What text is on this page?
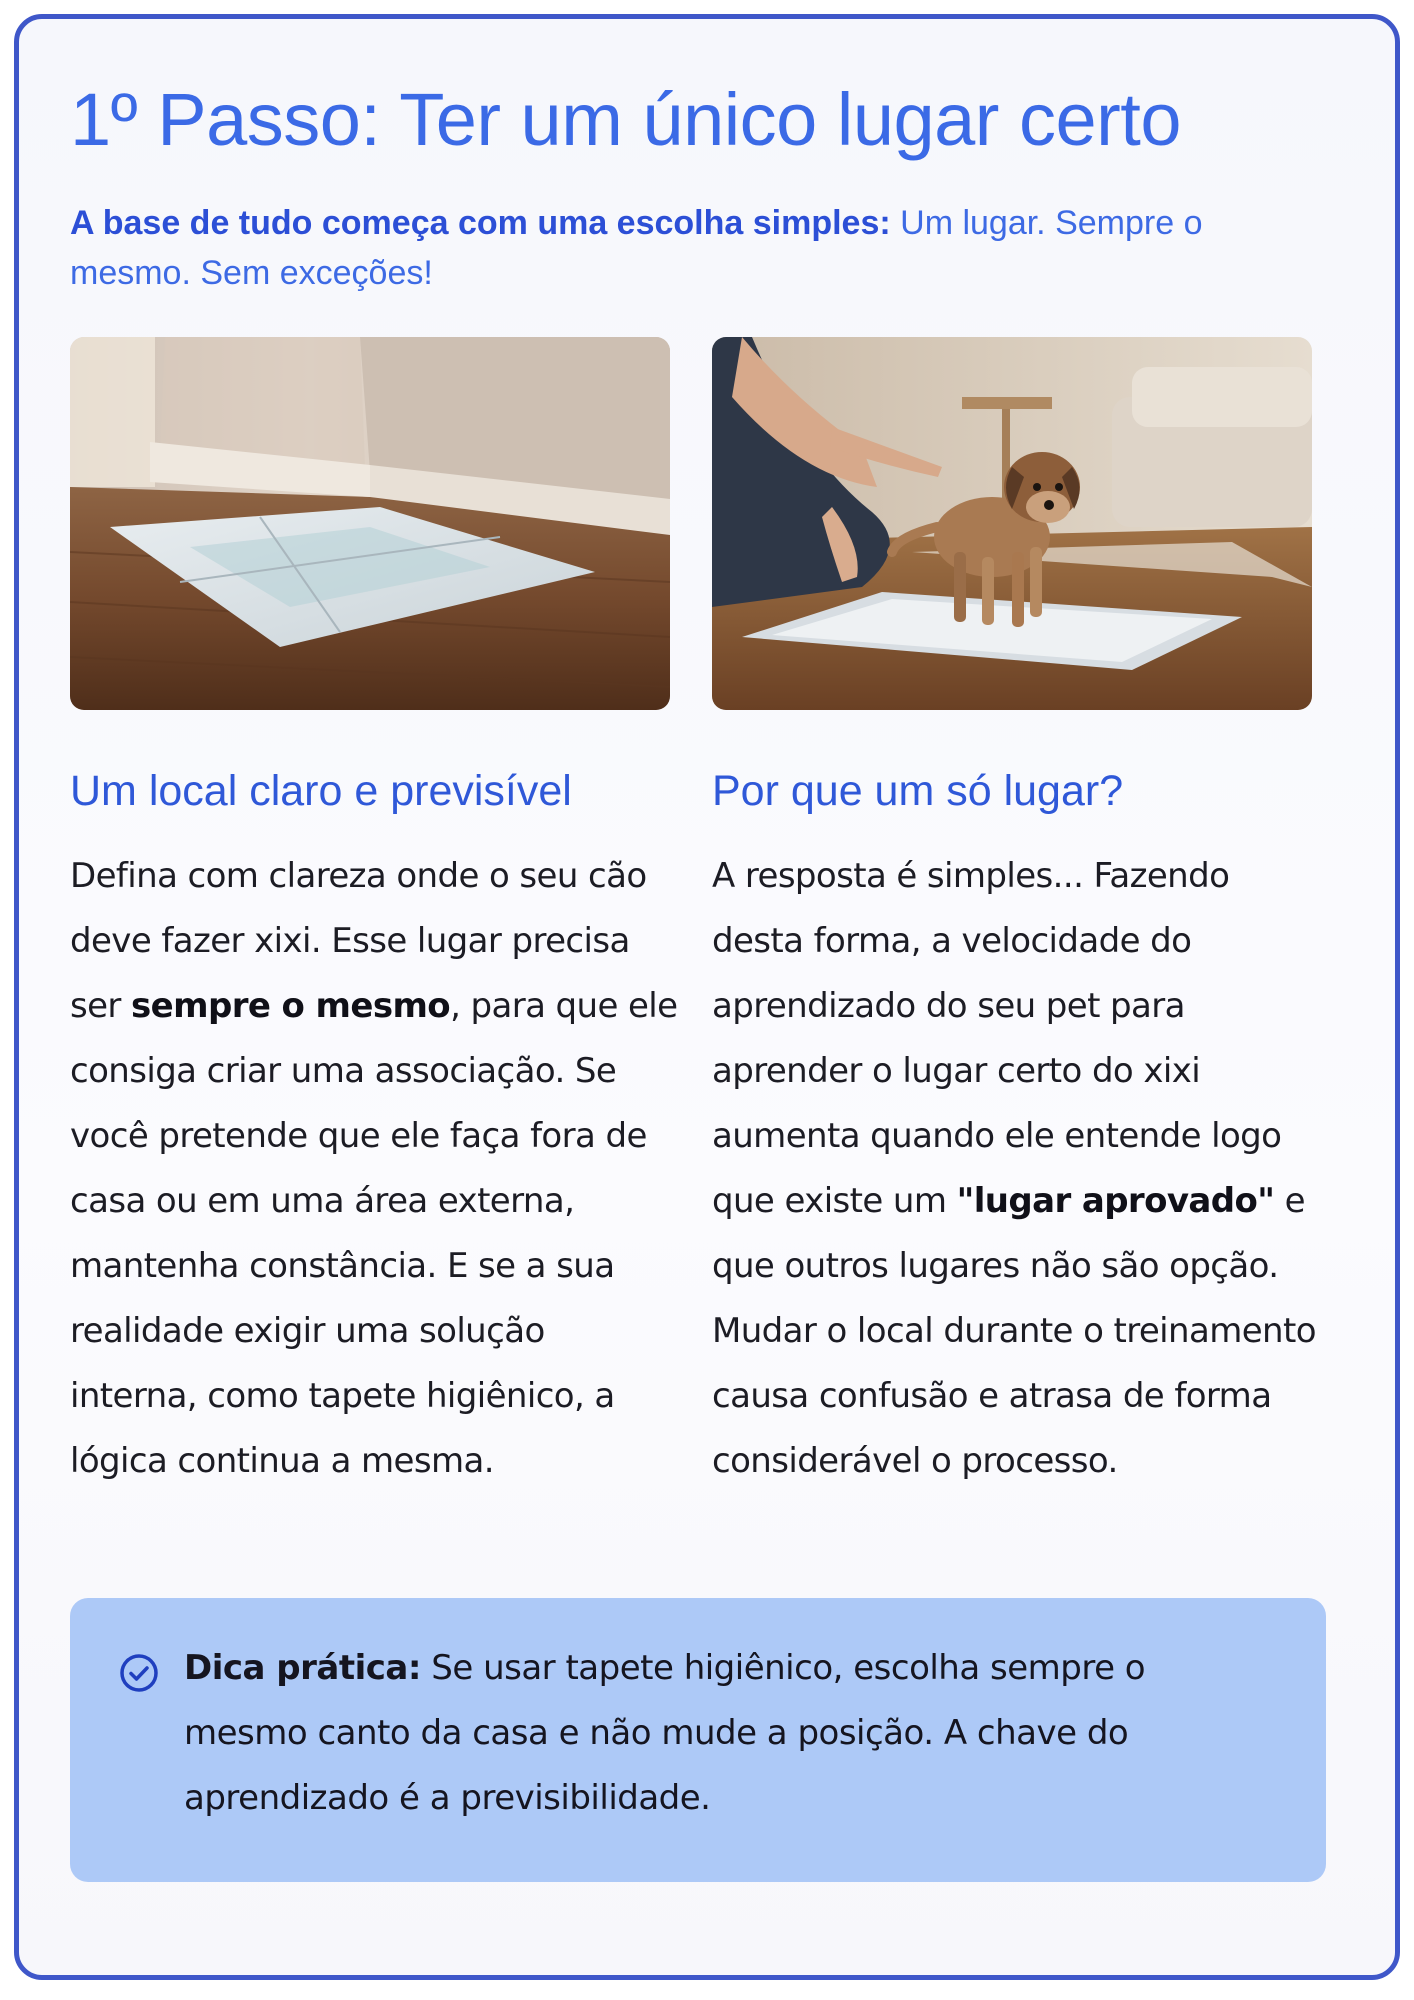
1º Passo: Ter um único lugar certo

A base de tudo começa com uma escolha simples: Um lugar. Sempre o mesmo. Sem exceções!

Um local claro e previsível

Defina com clareza onde o seu cão deve fazer xixi. Esse lugar precisa ser sempre o mesmo, para que ele consiga criar uma associação. Se você pretende que ele faça fora de casa ou em uma área externa, mantenha constância. E se a sua realidade exigir uma solução interna, como tapete higiênico, a lógica continua a mesma.

Por que um só lugar?

A resposta é simples... Fazendo desta forma, a velocidade do aprendizado do seu pet para aprender o lugar certo do xixi aumenta quando ele entende logo que existe um "lugar aprovado" e que outros lugares não são opção. Mudar o local durante o treinamento causa confusão e atrasa de forma considerável o processo.

Dica prática: Se usar tapete higiênico, escolha sempre o mesmo canto da casa e não mude a posição. A chave do aprendizado é a previsibilidade.
